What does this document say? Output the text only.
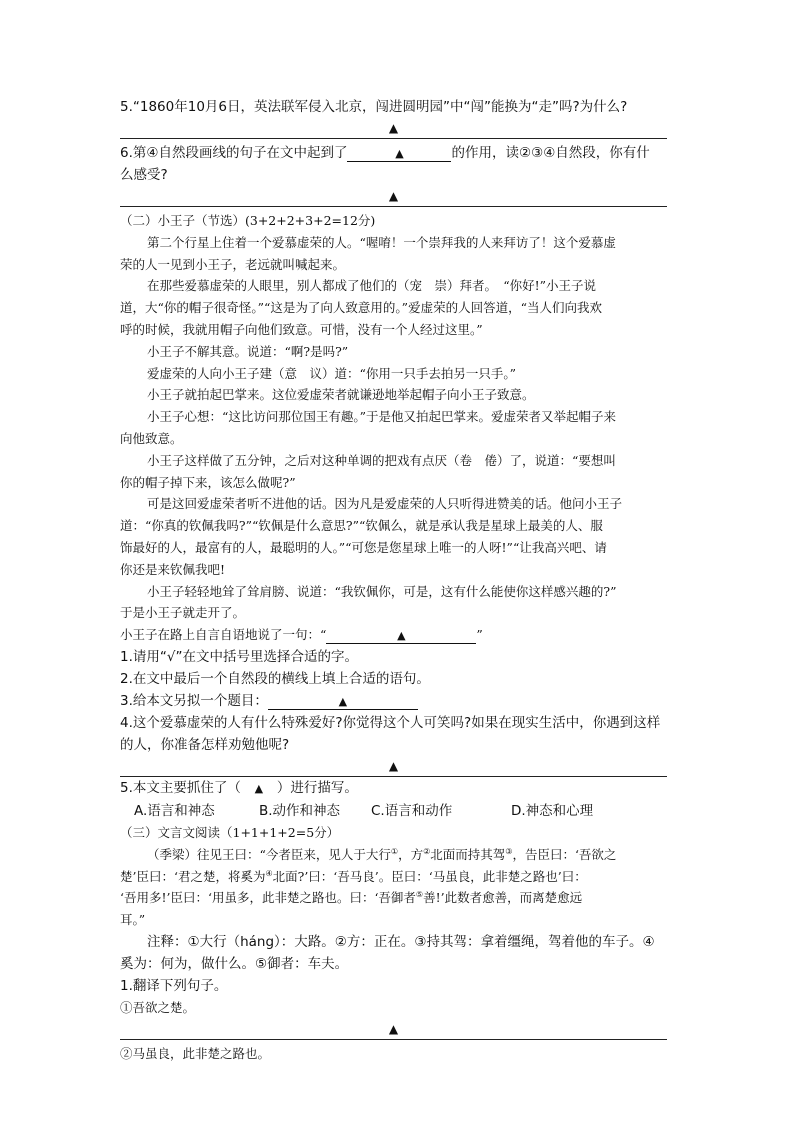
5.“1860年10月6日，英法联军侵入北京，闯进圆明园”中“闯”能换为“走”吗?为什么?
▲
6.第④自然段画线的句子在文中起到了	▲	的作用，读②③④自然段，你有什
么感受?
▲
（二）小王子（节选）(3+2+2+3+2=12分)
第二个行星上住着一个爱慕虚荣的人。“喔唷！一个崇拜我的人来拜访了！这个爱慕虚
荣的人一见到小王子，老远就叫喊起来。
在那些爱慕虚荣的人眼里，别人都成了他们的（宠　崇）拜者。　“你好!”小王子说
道，大“你的帽子很奇怪。”“这是为了向人致意用的。”爱虚荣的人回答道，“当人们向我欢
呼的时候，我就用帽子向他们致意。可惜，没有一个人经过这里。”
小王子不解其意。说道：“啊?是吗?”
爱虚荣的人向小王子建（意　议）道：“你用一只手去拍另一只手。”
小王子就拍起巴掌来。这位爱虚荣者就谦逊地举起帽子向小王子致意。
小王子心想：“这比访问那位国王有趣。”于是他又拍起巴掌来。爱虚荣者又举起帽子来
向他致意。
小王子这样做了五分钟，之后对这种单调的把戏有点厌（卷　倦）了，说道：“要想叫
你的帽子掉下来，该怎么做呢?”
可是这回爱虚荣者听不进他的话。因为凡是爱虚荣的人只听得进赞美的话。他问小王子
道：“你真的钦佩我吗?”“钦佩是什么意思?”“钦佩么，就是承认我是星球上最美的人、服
饰最好的人，最富有的人，最聪明的人。”“可您是您星球上唯一的人呀!”“让我高兴吧、请
你还是来钦佩我吧!
小王子轻轻地耸了耸肩膀、说道：“我钦佩你，可是，这有什么能使你这样感兴趣的?”
于是小王子就走开了。
小王子在路上自言自语地说了一句：“	▲	”
1.请用“√”在文中括号里选择合适的字。
2.在文中最后一个自然段的横线上填上合适的语句。
3.给本文另拟一个题目：	▲
4.这个爱慕虚荣的人有什么特殊爱好?你觉得这个人可笑吗?如果在现实生活中，你遇到这样
的人，你准备怎样劝勉他呢?
▲
5.本文主要抓住了（ ▲ ）进行描写。
A.语言和神态	B.动作和神态 C.语言和动作	D.神态和心理
（三）文言文阅读（1+1+1+2=5分）
（季梁）往见王曰：“今者臣来，见人于大行①，方②北面而持其驾③，告臣曰：‘吾欲之
楚’臣曰：‘君之楚，将奚为④北面?’曰：‘吾马良’。臣曰：‘马虽良，此非楚之路也’曰：
‘吾用多!’臣曰：‘用虽多，此非楚之路也。曰：‘吾御者⑤善!’此数者愈善，而离楚愈远
耳。”
注释：①大行（háng）：大路。②方：正在。③持其驾：拿着缰绳，驾着他的车子。④
奚为：何为，做什么。⑤御者：车夫。
1.翻译下列句子。
①吾欲之楚。
▲
②马虽良，此非楚之路也。
